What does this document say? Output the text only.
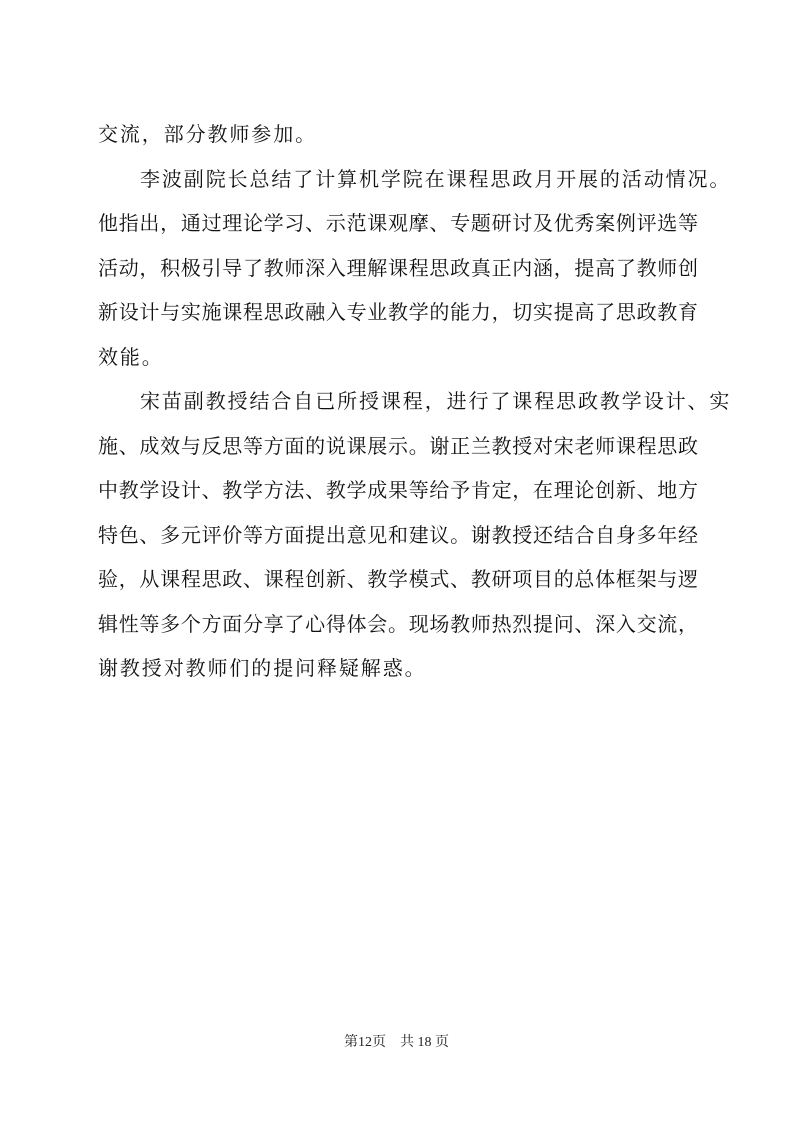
交流，部分教师参加。
李波副院长总结了计算机学院在课程思政月开展的活动情况。
他指出，通过理论学习、示范课观摩、专题研讨及优秀案例评选等
活动，积极引导了教师深入理解课程思政真正内涵，提高了教师创
新设计与实施课程思政融入专业教学的能力，切实提高了思政教育
效能。
宋苗副教授结合自已所授课程，进行了课程思政教学设计、实
施、成效与反思等方面的说课展示。谢正兰教授对宋老师课程思政
中教学设计、教学方法、教学成果等给予肯定，在理论创新、地方
特色、多元评价等方面提出意见和建议。谢教授还结合自身多年经
验，从课程思政、课程创新、教学模式、教研项目的总体框架与逻
辑性等多个方面分享了心得体会。现场教师热烈提问、深入交流，
谢教授对教师们的提问释疑解惑。
第12页 共 18 页
